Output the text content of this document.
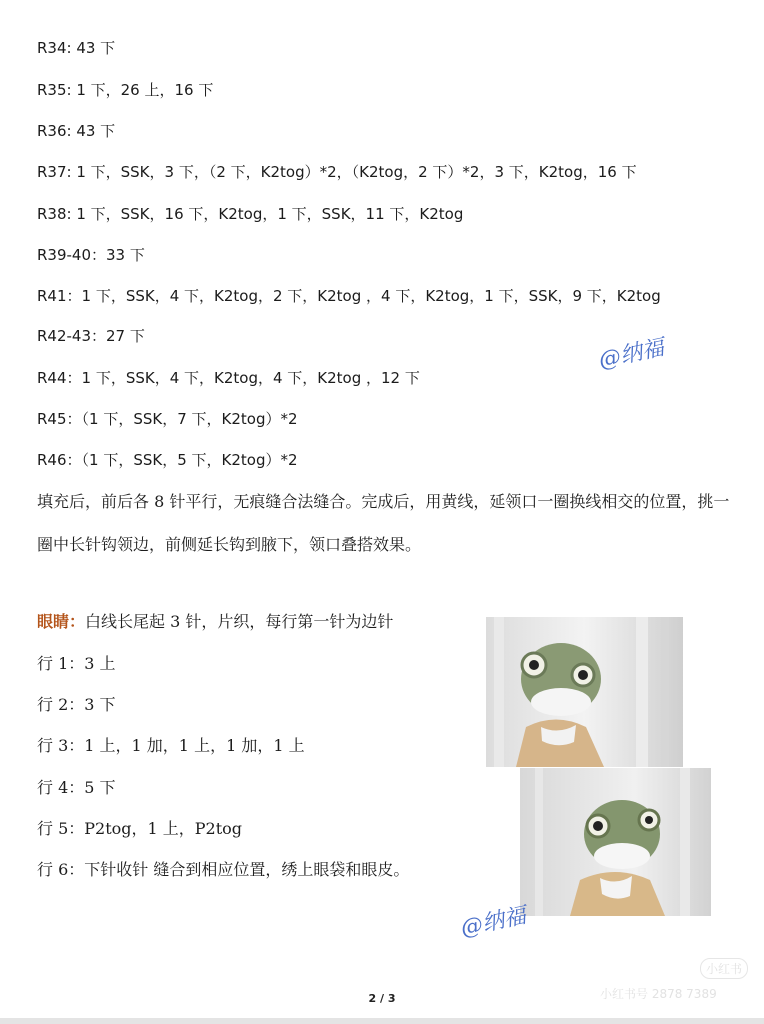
R34: 43 下
R35: 1 下，26 上，16 下
R36: 43 下
R37: 1 下，SSK，3 下，（2 下，K2tog）*2，（K2tog，2 下）*2，3 下，K2tog，16 下
R38: 1 下，SSK，16 下，K2tog，1 下，SSK，11 下，K2tog
R39-40：33 下
R41：1 下，SSK，4 下，K2tog，2 下，K2tog ，4 下，K2tog，1 下，SSK，9 下，K2tog
R42-43：27 下
R44：1 下，SSK，4 下，K2tog，4 下，K2tog ，12 下
R45：（1 下，SSK，7 下，K2tog）*2
R46：（1 下，SSK，5 下，K2tog）*2
填充后，前后各 8 针平行，无痕缝合法缝合。完成后，用黄线，延领口一圈换线相交的位置，挑一圈中长针钩领边，前侧延长钩到腋下，领口叠搭效果。
@纳福
眼睛：白线长尾起 3 针，片织，每行第一针为边针
行 1：3 上
行 2：3 下
行 3：1 上，1 加，1 上，1 加，1 上
行 4：5 下
行 5：P2tog，1 上，P2tog
行 6：下针收针 缝合到相应位置，绣上眼袋和眼皮。
@纳福
小红书
小红书号 2878 7389
2 / 3
